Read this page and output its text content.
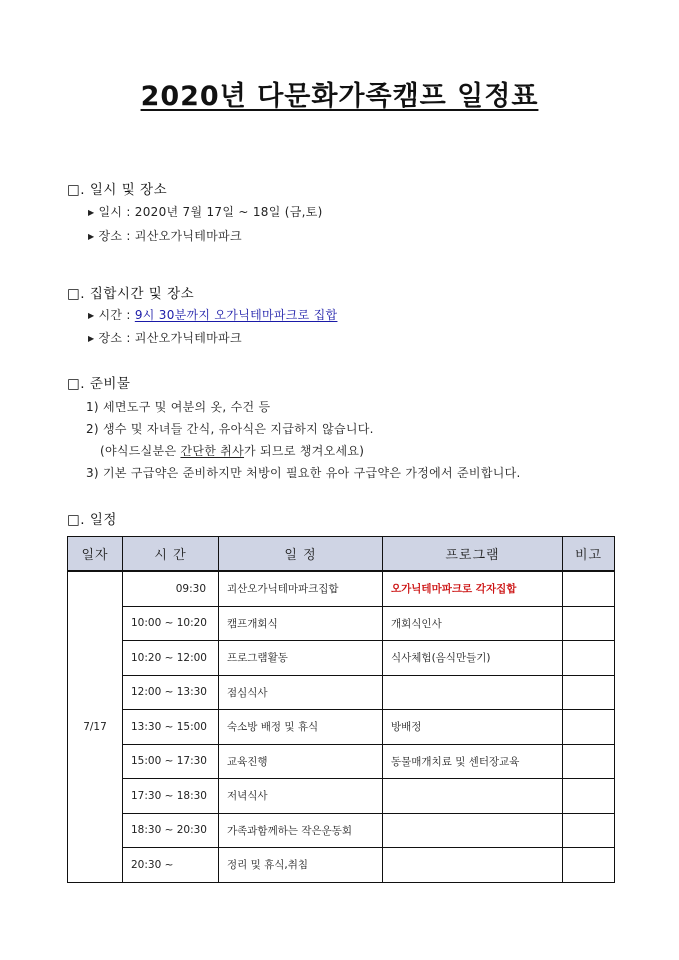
2020년 다문화가족캠프 일정표
□. 일시 및 장소
▶ 일시 : 2020년 7월 17일 ~ 18일 (금,토)
▶ 장소 : 괴산오가닉테마파크
□. 집합시간 및 장소
▶ 시간 : 9시 30분까지 오가닉테마파크로 집합
▶ 장소 : 괴산오가닉테마파크
□. 준비물
1) 세면도구 및 여분의 옷, 수건 등
2) 생수 및 자녀들 간식, 유아식은 지급하지 않습니다.
(야식드실분은 간단한 취사가 되므로 챙겨오세요)
3) 기본 구급약은 준비하지만 처방이 필요한 유아 구급약은 가정에서 준비합니다.
□. 일정
일자	시 간	일 정	프로그램	비고
7/17	09:30	괴산오가닉테마파크집합	오가닉테마파크로 각자집합	
	10:00 ~ 10:20	캠프개회식	개회식인사	
	10:20 ~ 12:00	프로그램활동	식사체험(음식만들기)	
	12:00 ~ 13:30	점심식사		
	13:30 ~ 15:00	숙소방 배정 및 휴식	방배정	
	15:00 ~ 17:30	교육진행	동물매개치료 및 센터장교육	
	17:30 ~ 18:30	저녁식사		
	18:30 ~ 20:30	가족과함께하는 작은운동회		
	20:30 ~	정리 및 휴식,취침		
